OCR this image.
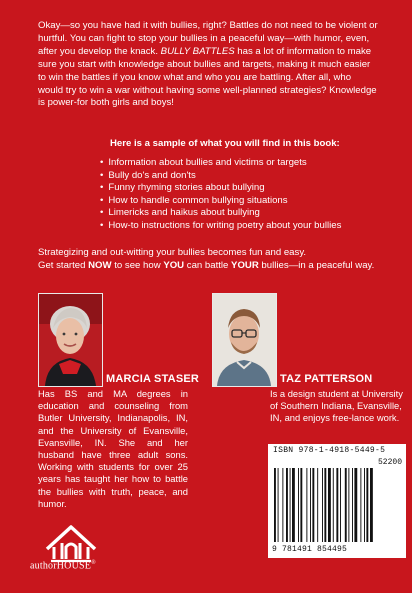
Okay—so you have had it with bullies, right? Battles do not need to be violent or hurtful. You can fight to stop your bullies in a peaceful way—with humor, even, after you develop the knack. BULLY BATTLES has a lot of information to make sure you start with knowledge about bullies and targets, making it much easier to win the battles if you know what and who you are battling. After all, who would try to win a war without having some well-planned strategies? Knowledge is power-for both girls and boys!

Here is a sample of what you will find in this book:

• Information about bullies and victims or targets
• Bully do's and don'ts
• Funny rhyming stories about bullying
• How to handle common bullying situations
• Limericks and haikus about bullying
• How-to instructions for writing poetry about your bullies

Strategizing and out-witting your bullies becomes fun and easy.
Get started NOW to see how YOU can battle YOUR bullies—in a peaceful way.

MARCIA STASER	TAZ PATTERSON

Has BS and MA degrees in education and counseling from Butler University, Indianapolis, IN, and the University of Evansville, Evansville, IN. She and her husband have three adult sons. Working with students for over 25 years has taught her how to battle the bullies with truth, peace, and humor.

Is a design student at University of Southern Indiana, Evansville, IN, and enjoys free-lance work.

ISBN 978-1-4918-5449-5
52200
9 781491 854495
authorHOUSE®
